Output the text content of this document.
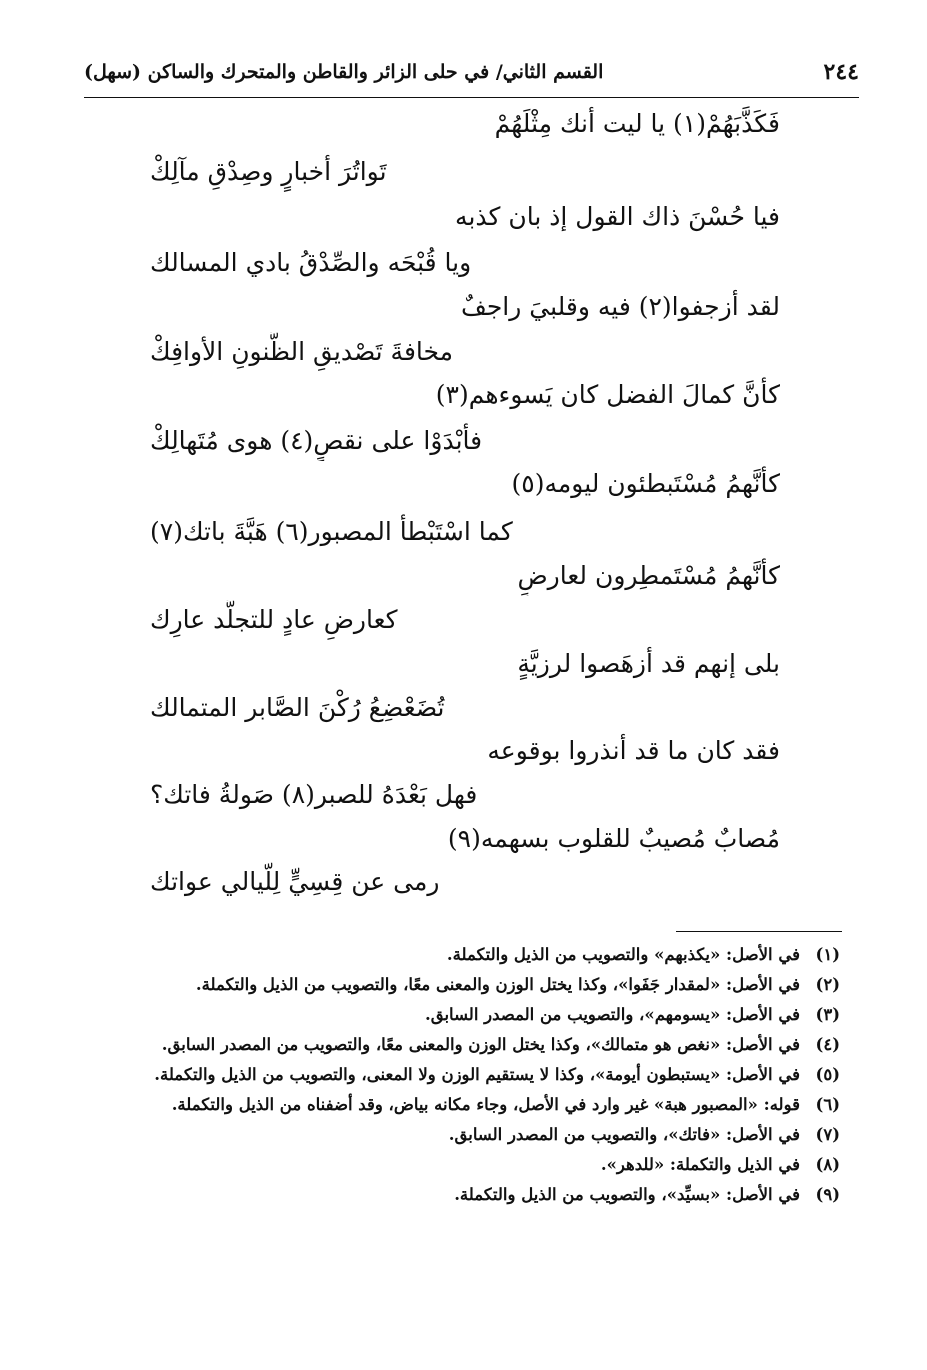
٢٤٤
القسم الثاني/ في حلى الزائر والقاطن والمتحرك والساكن (سهل)
فَكَذَّبَهُمْ(١) يا ليت أنك مِثْلَهُمْ
تَواتُرَ أخبارٍ وصِدْقِ مآلِكْ
فيا حُسْنَ ذاك القول إذ بان كذبه
ويا قُبْحَه والصِّدْقُ بادي المسالك
لقد أزجفوا(٢) فيه وقلبيَ راجفٌ
مخافةَ تَصْديقِ الظُّنونِ الأوافِكْ
كأنَّ كمالَ الفضل كان يَسوءهم(٣)
فأبْدَوْا على نقصٍ(٤) هوى مُتَهالِكْ
كأنَّهمُ مُسْتَبطئون ليومه(٥)
كما اسْتَبْطأ المصبور(٦) هَبَّةَ باتك(٧)
كأنَّهمُ مُسْتَمطِرون لعارضٍ
كعارضِ عادٍ للتجلُّد عارِك
بلى إنهم قد أزهَصوا لرزيَّةٍ
تُضَعْضِعُ رُكْنَ الصَّابر المتمالك
فقد كان ما قد أنذروا بوقوعه
فهل بَعْدَهُ للصبر(٨) صَولةُ فاتك؟
مُصابٌ مُصيبٌ للقلوب بسهمه(٩)
رمى عن قِسِيٍّ لِلّيالي عواتك
(١)
في الأصل: «يكذبهم» والتصويب من الذيل والتكملة.
(٢)
في الأصل: «لمقدار جَفَوا»، وكذا يختل الوزن والمعنى معًا، والتصويب من الذيل والتكملة.
(٣)
في الأصل: «يسومهم»، والتصويب من المصدر السابق.
(٤)
في الأصل: «نغص هو متمالك»، وكذا يختل الوزن والمعنى معًا، والتصويب من المصدر السابق.
(٥)
في الأصل: «يستبطون أيومة»، وكذا لا يستقيم الوزن ولا المعنى، والتصويب من الذيل والتكملة.
(٦)
قوله: «المصبور هبة» غير وارد في الأصل، وجاء مكانه بياض، وقد أضفناه من الذيل والتكملة.
(٧)
في الأصل: «فاتك»، والتصويب من المصدر السابق.
(٨)
في الذيل والتكملة: «للدهر».
(٩)
في الأصل: «بسيِّد»، والتصويب من الذيل والتكملة.
